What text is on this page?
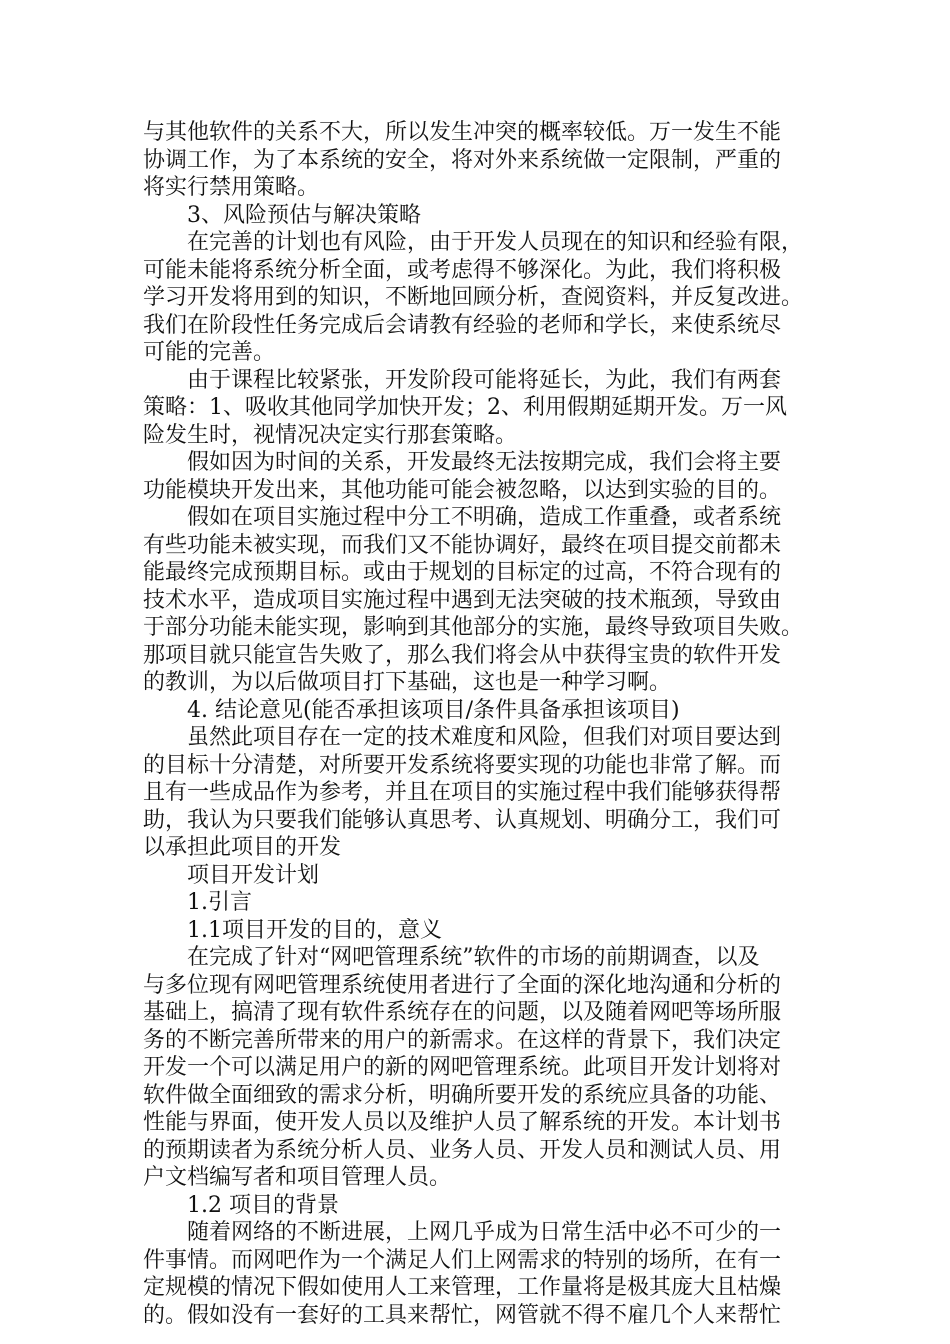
与其他软件的关系不大，所以发生冲突的概率较低。万一发生不能
协调工作，为了本系统的安全，将对外来系统做一定限制，严重的
将实行禁用策略。
3、风险预估与解决策略
在完善的计划也有风险，由于开发人员现在的知识和经验有限，
可能未能将系统分析全面，或考虑得不够深化。为此，我们将积极
学习开发将用到的知识，不断地回顾分析，查阅资料，并反复改进。
我们在阶段性任务完成后会请教有经验的老师和学长，来使系统尽
可能的完善。
由于课程比较紧张，开发阶段可能将延长，为此，我们有两套
策略：1、吸收其他同学加快开发；2、利用假期延期开发。万一风
险发生时，视情况决定实行那套策略。
假如因为时间的关系，开发最终无法按期完成，我们会将主要
功能模块开发出来，其他功能可能会被忽略，以达到实验的目的。
假如在项目实施过程中分工不明确，造成工作重叠，或者系统
有些功能未被实现，而我们又不能协调好，最终在项目提交前都未
能最终完成预期目标。或由于规划的目标定的过高，不符合现有的
技术水平，造成项目实施过程中遇到无法突破的技术瓶颈，导致由
于部分功能未能实现，影响到其他部分的实施，最终导致项目失败。
那项目就只能宣告失败了，那么我们将会从中获得宝贵的软件开发
的教训，为以后做项目打下基础，这也是一种学习啊。
4. 结论意见(能否承担该项目/条件具备承担该项目)
虽然此项目存在一定的技术难度和风险，但我们对项目要达到
的目标十分清楚，对所要开发系统将要实现的功能也非常了解。而
且有一些成品作为参考，并且在项目的实施过程中我们能够获得帮
助，我认为只要我们能够认真思考、认真规划、明确分工，我们可
以承担此项目的开发
项目开发计划
1.引言
1.1项目开发的目的，意义
在完成了针对“网吧管理系统”软件的市场的前期调查，以及
与多位现有网吧管理系统使用者进行了全面的深化地沟通和分析的
基础上，搞清了现有软件系统存在的问题，以及随着网吧等场所服
务的不断完善所带来的用户的新需求。在这样的背景下，我们决定
开发一个可以满足用户的新的网吧管理系统。此项目开发计划将对
软件做全面细致的需求分析，明确所要开发的系统应具备的功能、
性能与界面，使开发人员以及维护人员了解系统的开发。本计划书
的预期读者为系统分析人员、业务人员、开发人员和测试人员、用
户文档编写者和项目管理人员。
1.2 项目的背景
随着网络的不断进展，上网几乎成为日常生活中必不可少的一
件事情。而网吧作为一个满足人们上网需求的特别的场所，在有一
定规模的情况下假如使用人工来管理，工作量将是极其庞大且枯燥
的。假如没有一套好的工具来帮忙，网管就不得不雇几个人来帮忙
